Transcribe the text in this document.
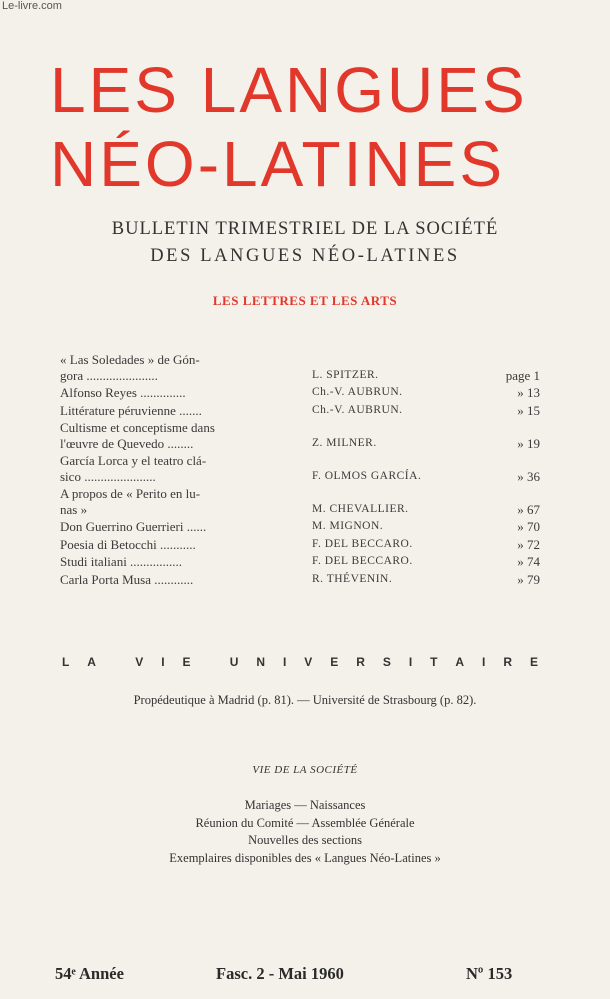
Le-livre.com
LES LANGUES
NÉO-LATINES
BULLETIN TRIMESTRIEL DE LA SOCIÉTÉ
DES LANGUES NÉO-LATINES
LES LETTRES ET LES ARTS
« Las Soledades » de Gón-
gora ......................	L. SPITZER.	page 1
Alfonso Reyes ..............	Ch.-V. AUBRUN.	» 13
Littérature péruvienne .......	Ch.-V. AUBRUN.	» 15
Cultisme et conceptisme dans
l'œuvre de Quevedo ........	Z. MILNER.	» 19
García Lorca y el teatro clá-
sico ......................	F. OLMOS GARCÍA.	» 36
A propos de « Perito en lu-
nas »	M. CHEVALLIER.	» 67
Don Guerrino Guerrieri ......	M. MIGNON.	» 70
Poesia di Betocchi ...........	F. DEL BECCARO.	» 72
Studi italiani ................	F. DEL BECCARO.	» 74
Carla Porta Musa ............	R. THÉVENIN.	» 79
L A
	V I E
	U N I V E R S I T A I R E
Propédeutique à Madrid (p. 81). — Université de Strasbourg (p. 82).
VIE DE LA SOCIÉTÉ
Mariages — Naissances
Réunion du Comité — Assemblée Générale
Nouvelles des sections
Exemplaires disponibles des « Langues Néo-Latines »
54ᵉ Année	Fasc. 2 - Mai 1960	Nº 153
